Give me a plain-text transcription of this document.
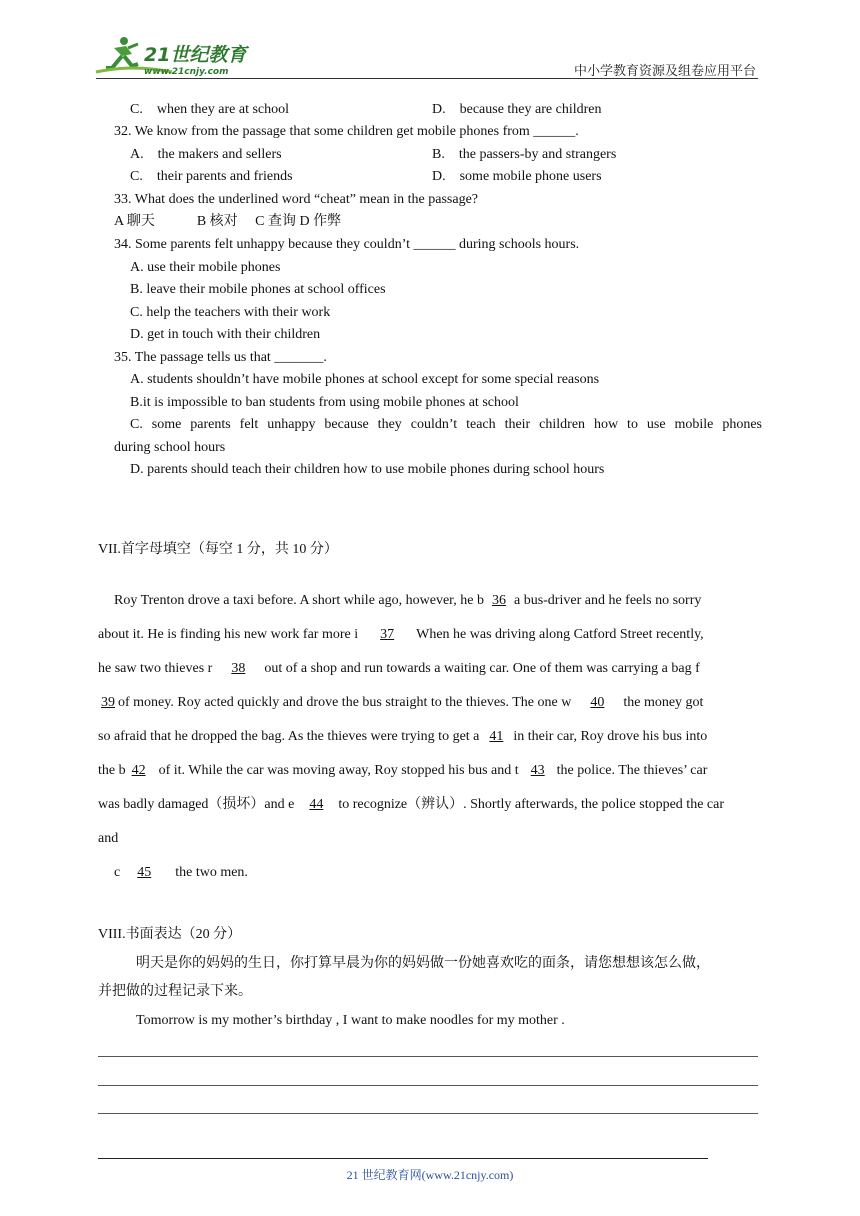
21世纪教育
www.21cnjy.com	中小学教育资源及组卷应用平台
C.    when they are at school	D.    because they are children
32. We know from the passage that some children get mobile phones from ______.
A.    the makers and sellers	B.    the passers-by and strangers
C.    their parents and friends	D.    some mobile phone users
33. What does the underlined word “cheat” mean in the passage?
A 聊天            B 核对     C 查询 D 作弊
34. Some parents felt unhappy because they couldn’t ______ during schools hours.
A. use their mobile phones
B. leave their mobile phones at school offices
C. help the teachers with their work
D. get in touch with their children
35. The passage tells us that _______.
A. students shouldn’t have mobile phones at school except for some special reasons
B.it is impossible to ban students from using mobile phones at school
C. some parents felt unhappy because they couldn’t teach their children how to use mobile phones
during school hours
D. parents should teach their children how to use mobile phones during school hours
VII.首字母填空（每空 1 分，共 10 分）
Roy Trenton drove a taxi before. A short while ago, however, he b 36 a bus-driver and he feels no sorry
about it. He is finding his new work far more i 37 When he was driving along Catford Street recently,
he saw two thieves r 38 out of a shop and run towards a waiting car. One of them was carrying a bag f
39 of money. Roy acted quickly and drove the bus straight to the thieves. The one w 40 the money got
so afraid that he dropped the bag. As the thieves were trying to get a 41 in their car, Roy drove his bus into
the b 42 of it. While the car was moving away, Roy stopped his bus and t 43 the police. The thieves’ car
was badly damaged（损坏）and e 44 to recognize（辨认）. Shortly afterwards, the police stopped the car
and
c 45 the two men.
VIII.书面表达（20 分）
明天是你的妈妈的生日，你打算早晨为你的妈妈做一份她喜欢吃的面条，请您想想该怎么做，
并把做的过程记录下来。
Tomorrow is my mother’s birthday , I want to make noodles for my mother .
21 世纪教育网(www.21cnjy.com)
